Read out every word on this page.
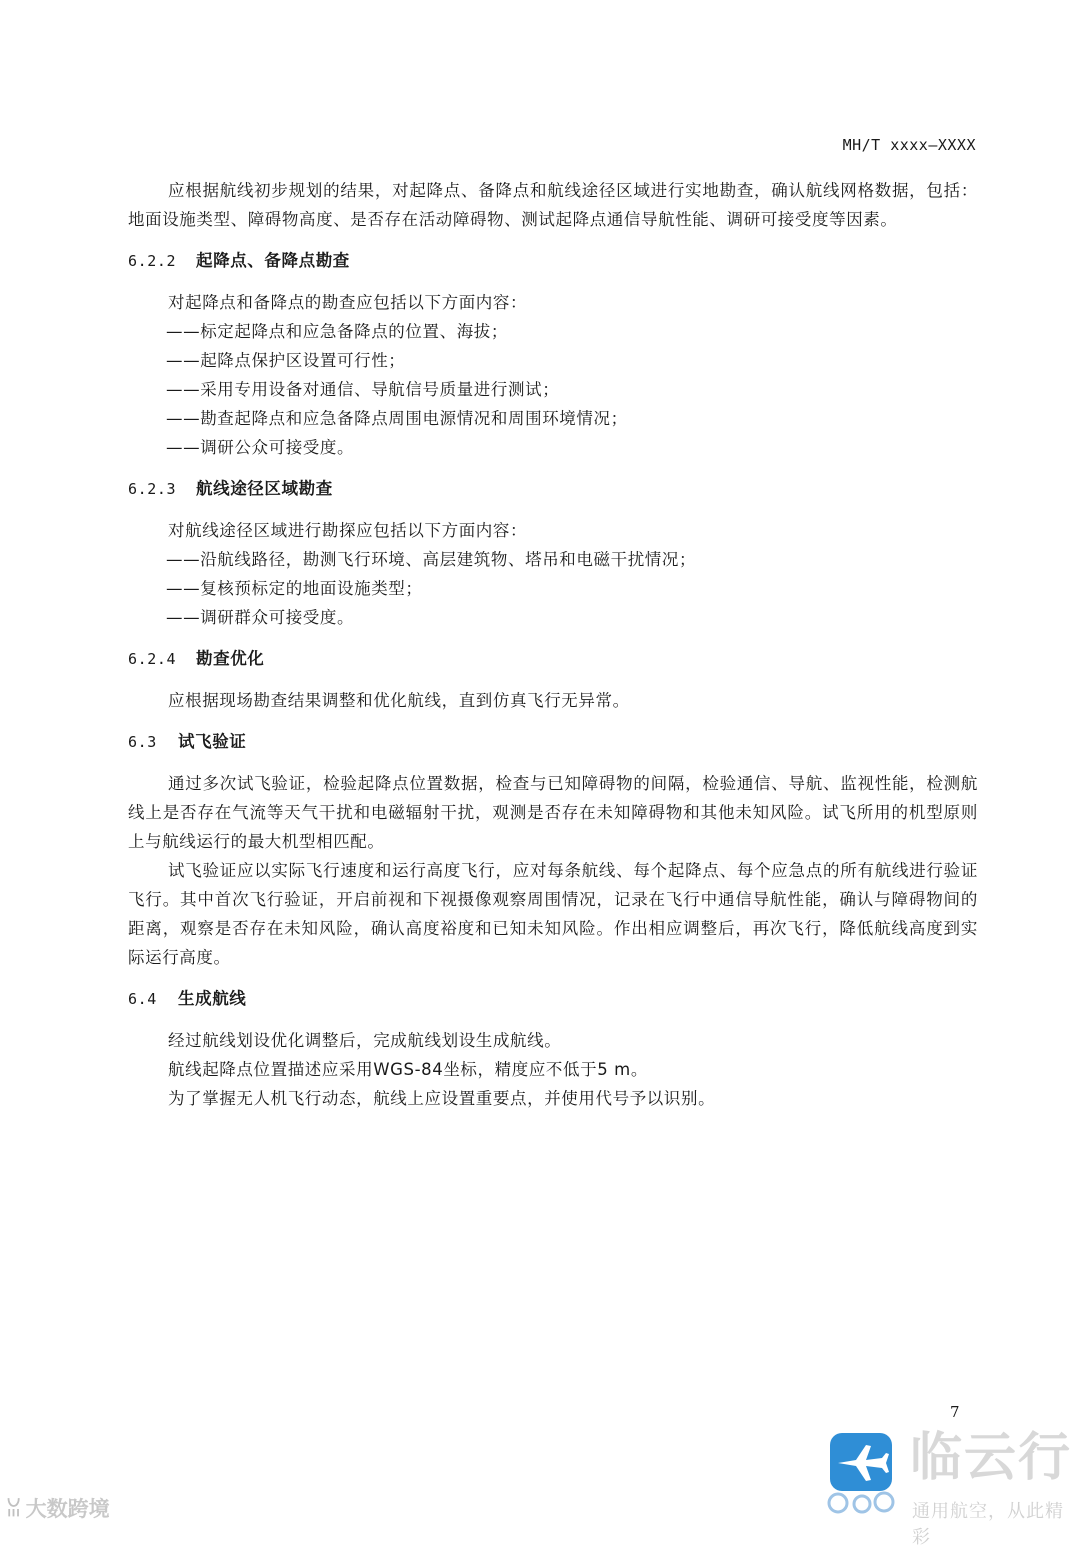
MH/T xxxx—XXXX

应根据航线初步规划的结果，对起降点、备降点和航线途径区域进行实地勘查，确认航线网格数据，包括：地面设施类型、障碍物高度、是否存在活动障碍物、测试起降点通信导航性能、调研可接受度等因素。

6.2.2 起降点、备降点勘查

对起降点和备降点的勘查应包括以下方面内容：

——标定起降点和应急备降点的位置、海拔；

——起降点保护区设置可行性；

——采用专用设备对通信、导航信号质量进行测试；

——勘查起降点和应急备降点周围电源情况和周围环境情况；

——调研公众可接受度。

6.2.3 航线途径区域勘查

对航线途径区域进行勘探应包括以下方面内容：

——沿航线路径，勘测飞行环境、高层建筑物、塔吊和电磁干扰情况；

——复核预标定的地面设施类型；

——调研群众可接受度。

6.2.4 勘查优化

应根据现场勘查结果调整和优化航线，直到仿真飞行无异常。

6.3 试飞验证

通过多次试飞验证，检验起降点位置数据，检查与已知障碍物的间隔，检验通信、导航、监视性能，检测航线上是否存在气流等天气干扰和电磁辐射干扰，观测是否存在未知障碍物和其他未知风险。试飞所用的机型原则上与航线运行的最大机型相匹配。

试飞验证应以实际飞行速度和运行高度飞行，应对每条航线、每个起降点、每个应急点的所有航线进行验证飞行。其中首次飞行验证，开启前视和下视摄像观察周围情况，记录在飞行中通信导航性能，确认与障碍物间的距离，观察是否存在未知风险，确认高度裕度和已知未知风险。作出相应调整后，再次飞行，降低航线高度到实际运行高度。

6.4 生成航线

经过航线划设优化调整后，完成航线划设生成航线。

航线起降点位置描述应采用WGS-84坐标，精度应不低于5 m。

为了掌握无人机飞行动态，航线上应设置重要点，并使用代号予以识别。

7
ꈍ 大数跨境
临云行
通用航空，从此精彩
